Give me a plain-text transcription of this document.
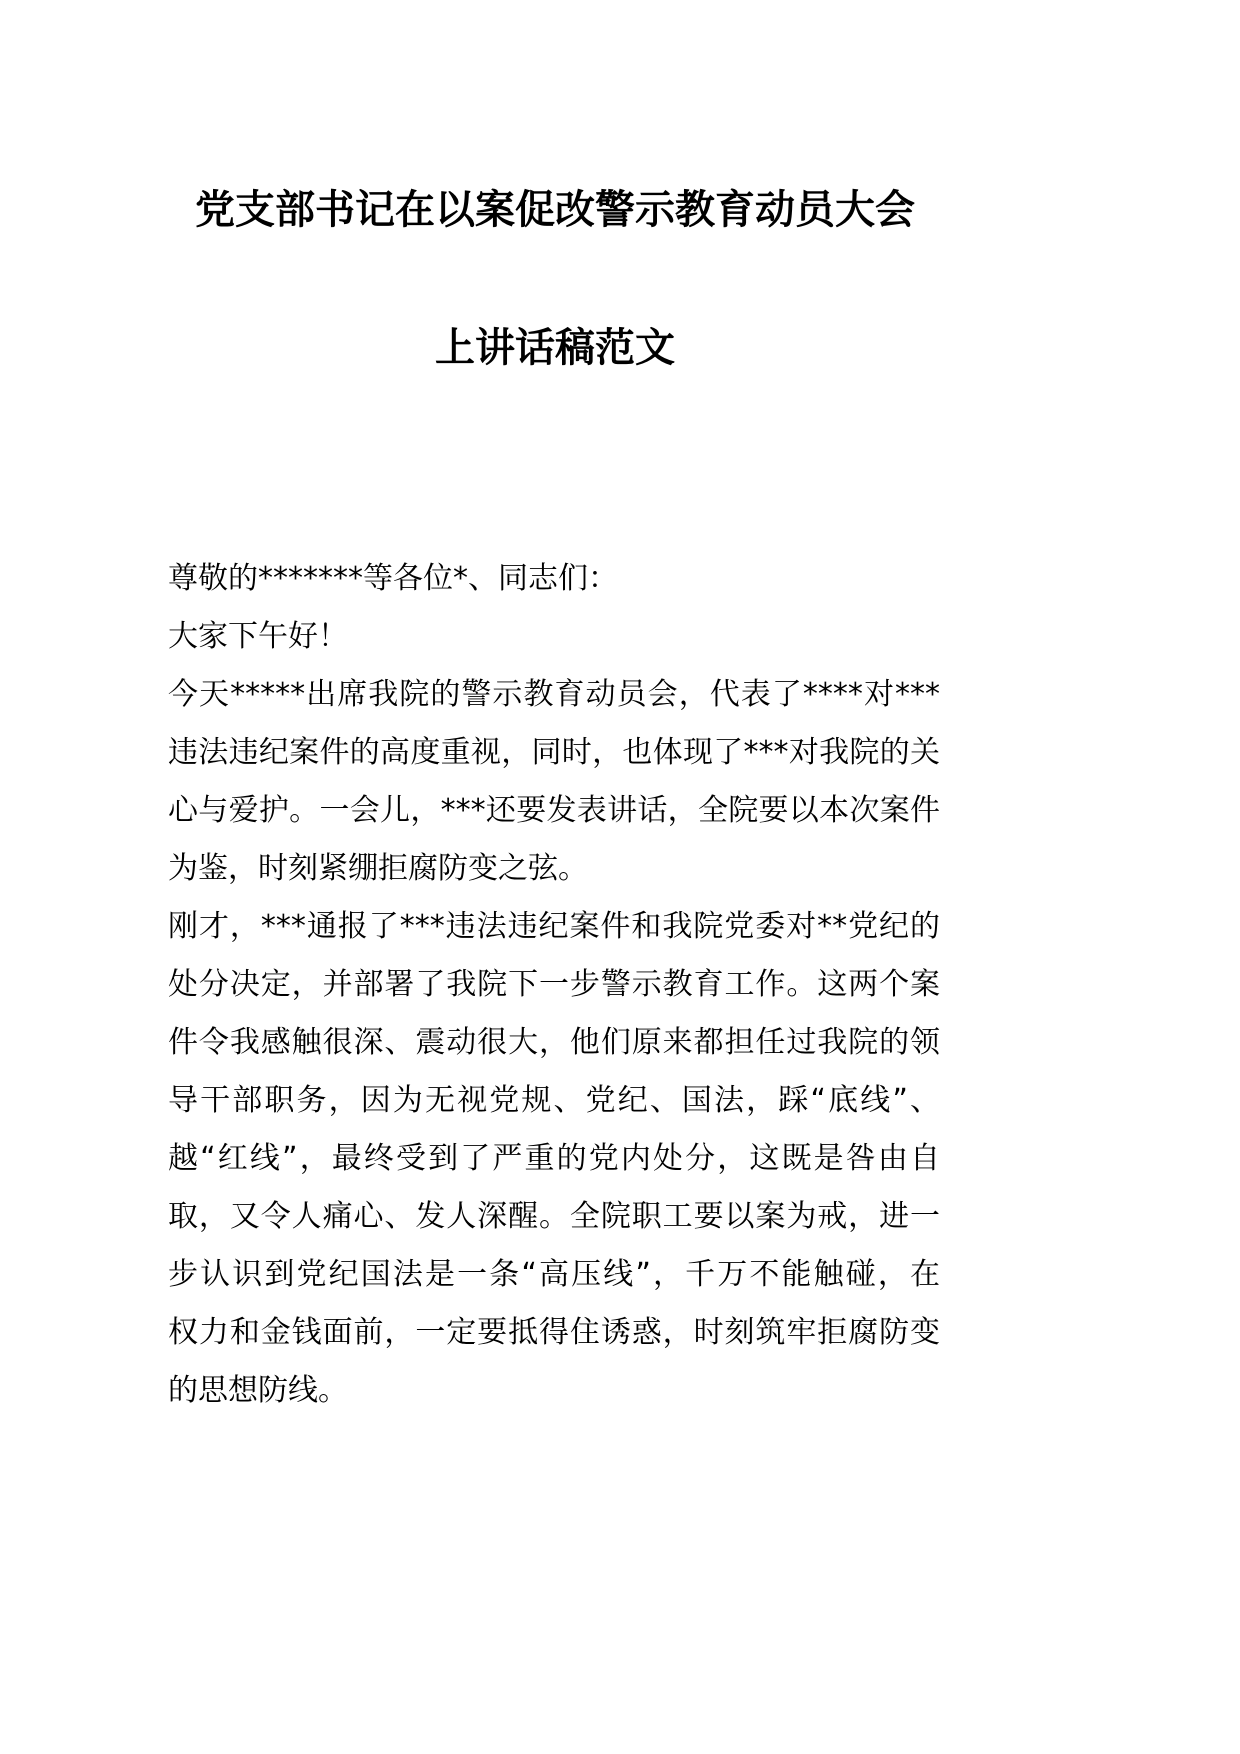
党支部书记在以案促改警示教育动员大会
上讲话稿范文
尊敬的*******等各位*、同志们：
大家下午好！
今天*****出席我院的警示教育动员会，代表了****对***
违法违纪案件的高度重视，同时，也体现了***对我院的关
心与爱护。一会儿，***还要发表讲话，全院要以本次案件
为鉴，时刻紧绷拒腐防变之弦。
刚才，***通报了***违法违纪案件和我院党委对**党纪的
处分决定，并部署了我院下一步警示教育工作。这两个案
件令我感触很深、震动很大，他们原来都担任过我院的领
导干部职务，因为无视党规、党纪、国法，踩“底线”、
越“红线”，最终受到了严重的党内处分，这既是咎由自
取，又令人痛心、发人深醒。全院职工要以案为戒，进一
步认识到党纪国法是一条“高压线”，千万不能触碰，在
权力和金钱面前，一定要抵得住诱惑，时刻筑牢拒腐防变
的思想防线。
